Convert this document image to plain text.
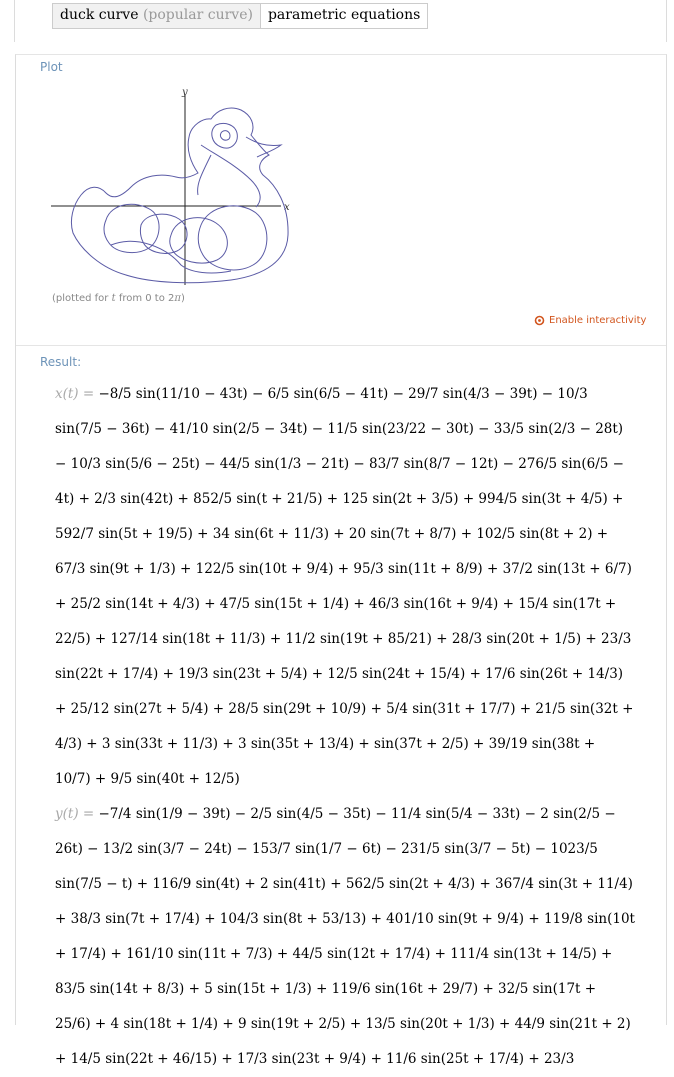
duck curve (popular curve)	parametric equations
Plot
x
y
(plotted for t from 0 to 2π)
Enable interactivity
Result:
x(t) = −8/5 sin(11/10 − 43t) − 6/5 sin(6/5 − 41t) − 29/7 sin(4/3 − 39t) − 10/3 sin(7/5 − 36t) − 41/10 sin(2/5 − 34t) − 11/5 sin(23/22 − 30t) − 33/5 sin(2/3 − 28t) − 10/3 sin(5/6 − 25t) − 44/5 sin(1/3 − 21t) − 83/7 sin(8/7 − 12t) − 276/5 sin(6/5 − 4t) + 2/3 sin(42t) + 852/5 sin(t + 21/5) + 125 sin(2t + 3/5) + 994/5 sin(3t + 4/5) + 592/7 sin(5t + 19/5) + 34 sin(6t + 11/3) + 20 sin(7t + 8/7) + 102/5 sin(8t + 2) + 67/3 sin(9t + 1/3) + 122/5 sin(10t + 9/4) + 95/3 sin(11t + 8/9) + 37/2 sin(13t + 6/7) + 25/2 sin(14t + 4/3) + 47/5 sin(15t + 1/4) + 46/3 sin(16t + 9/4) + 15/4 sin(17t + 22/5) + 127/14 sin(18t + 11/3) + 11/2 sin(19t + 85/21) + 28/3 sin(20t + 1/5) + 23/3 sin(22t + 17/4) + 19/3 sin(23t + 5/4) + 12/5 sin(24t + 15/4) + 17/6 sin(26t + 14/3) + 25/12 sin(27t + 5/4) + 28/5 sin(29t + 10/9) + 5/4 sin(31t + 17/7) + 21/5 sin(32t + 4/3) + 3 sin(33t + 11/3) + 3 sin(35t + 13/4) + sin(37t + 2/5) + 39/19 sin(38t + 10/7) + 9/5 sin(40t + 12/5)
y(t) = −7/4 sin(1/9 − 39t) − 2/5 sin(4/5 − 35t) − 11/4 sin(5/4 − 33t) − 2 sin(2/5 − 26t) − 13/2 sin(3/7 − 24t) − 153/7 sin(1/7 − 6t) − 231/5 sin(3/7 − 5t) − 1023/5 sin(7/5 − t) + 116/9 sin(4t) + 2 sin(41t) + 562/5 sin(2t + 4/3) + 367/4 sin(3t + 11/4) + 38/3 sin(7t + 17/4) + 104/3 sin(8t + 53/13) + 401/10 sin(9t + 9/4) + 119/8 sin(10t + 17/4) + 161/10 sin(11t + 7/3) + 44/5 sin(12t + 17/4) + 111/4 sin(13t + 14/5) + 83/5 sin(14t + 8/3) + 5 sin(15t + 1/3) + 119/6 sin(16t + 29/7) + 32/5 sin(17t + 25/6) + 4 sin(18t + 1/4) + 9 sin(19t + 2/5) + 13/5 sin(20t + 1/3) + 44/9 sin(21t + 2) + 14/5 sin(22t + 46/15) + 17/3 sin(23t + 9/4) + 11/6 sin(25t + 17/4) + 23/3
